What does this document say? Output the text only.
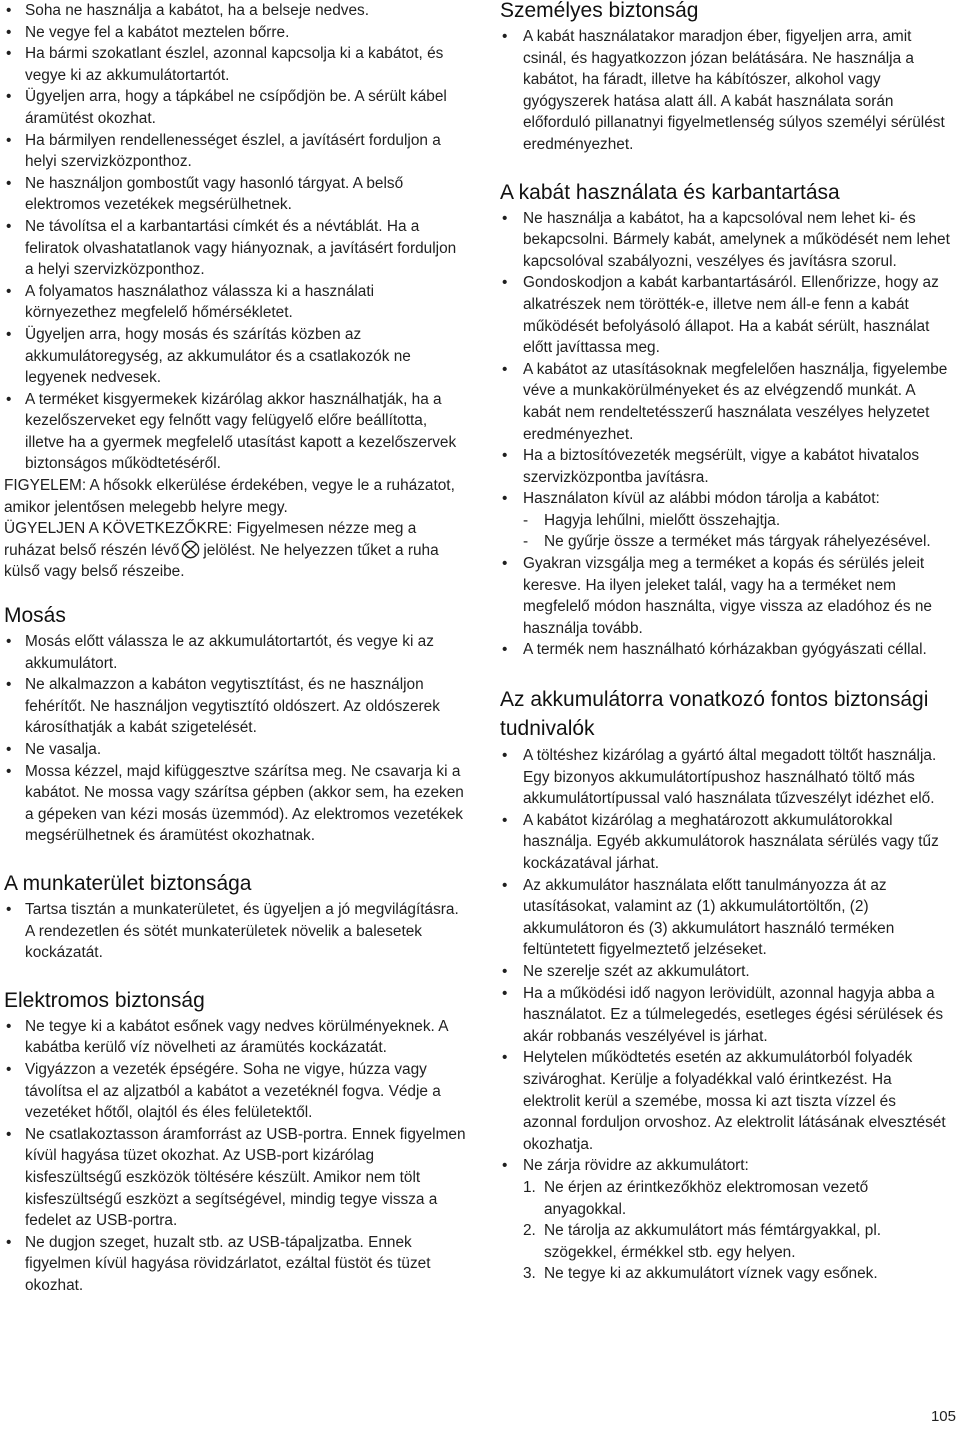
• Soha ne használja a kabátot, ha a belseje nedves.
• Ne vegye fel a kabátot meztelen bőrre.
• Ha bármi szokatlant észlel, azonnal kapcsolja ki a kabátot, és vegye ki az akkumulátortartót.
• Ügyeljen arra, hogy a tápkábel ne csípődjön be. A sérült kábel áramütést okozhat.
• Ha bármilyen rendellenességet észlel, a javításért forduljon a helyi szervizközponthoz.
• Ne használjon gombostűt vagy hasonló tárgyat. A belső elektromos vezetékek megsérülhetnek.
• Ne távolítsa el a karbantartási címkét és a névtáblát. Ha a feliratok olvashatatlanok vagy hiányoznak, a javításért forduljon a helyi szervizközponthoz.
• A folyamatos használathoz válassza ki a használati környezethez megfelelő hőmérsékletet.
• Ügyeljen arra, hogy mosás és szárítás közben az akkumulátoregység, az akkumulátor és a csatlakozók ne legyenek nedvesek.
• A terméket kisgyermekek kizárólag akkor használhatják, ha a kezelőszerveket egy felnőtt vagy felügyelő előre beállította, illetve ha a gyermek megfelelő utasítást kapott a kezelőszervek biztonságos működtetéséről.

FIGYELEM: A hősokk elkerülése érdekében, vegye le a ruházatot, amikor jelentősen melegebb helyre megy.

ÜGYELJEN A KÖVETKEZŐKRE: Figyelmesen nézze meg a ruházat belső részén lévő jelölést. Ne helyezzen tűket a ruha külső vagy belső részeibe.

Mosás
• Mosás előtt válassza le az akkumulátortartót, és vegye ki az akkumulátort.
• Ne alkalmazzon a kabáton vegytisztítást, és ne használjon fehérítőt. Ne használjon vegytisztító oldószert. Az oldószerek károsíthatják a kabát szigetelését.
• Ne vasalja.
• Mossa kézzel, majd kifüggesztve szárítsa meg. Ne csavarja ki a kabátot. Ne mossa vagy szárítsa gépben (akkor sem, ha ezeken a gépeken van kézi mosás üzemmód). Az elektromos vezetékek megsérülhetnek és áramütést okozhatnak.
A munkaterület biztonsága
• Tartsa tisztán a munkaterületet, és ügyeljen a jó megvilágításra. A rendezetlen és sötét munkaterületek növelik a balesetek kockázatát.
Elektromos biztonság
• Ne tegye ki a kabátot esőnek vagy nedves körülményeknek. A kabátba kerülő víz növelheti az áramütés kockázatát.
• Vigyázzon a vezeték épségére. Soha ne vigye, húzza vagy távolítsa el az aljzatból a kabátot a vezetéknél fogva. Védje a vezetéket hőtől, olajtól és éles felületektől.
• Ne csatlakoztasson áramforrást az USB-portra. Ennek figyelmen kívül hagyása tüzet okozhat. Az USB-port kizárólag kisfeszültségű eszközök töltésére készült. Amikor nem tölt kisfeszültségű eszközt a segítségével, mindig tegye vissza a fedelet az USB-portra.
• Ne dugjon szeget, huzalt stb. az USB-tápaljzatba. Ennek figyelmen kívül hagyása rövidzárlatot, ezáltal füstöt és tüzet okozhat.
Személyes biztonság
• A kabát használatakor maradjon éber, figyeljen arra, amit csinál, és hagyatkozzon józan belátására. Ne használja a kabátot, ha fáradt, illetve ha kábítószer, alkohol vagy gyógyszerek hatása alatt áll. A kabát használata során előforduló pillanatnyi figyelmetlenség súlyos személyi sérülést eredményezhet.
A kabát használata és karbantartása
• Ne használja a kabátot, ha a kapcsolóval nem lehet ki- és bekapcsolni. Bármely kabát, amelynek a működését nem lehet kapcsolóval szabályozni, veszélyes és javításra szorul.
• Gondoskodjon a kabát karbantartásáról. Ellenőrizze, hogy az alkatrészek nem törötték-e, illetve nem áll-e fenn a kabát működését befolyásoló állapot. Ha a kabát sérült, használat előtt javíttassa meg.
• A kabátot az utasításoknak megfelelően használja, figyelembe véve a munkakörülményeket és az elvégzendő munkát. A kabát nem rendeltetésszerű használata veszélyes helyzetet eredményezhet.
• Ha a biztosítóvezeték megsérült, vigye a kabátot hivatalos szervizközpontba javításra.
• Használaton kívül az alábbi módon tárolja a kabátot:
- Hagyja lehűlni, mielőtt összehajtja.
- Ne gyűrje össze a terméket más tárgyak ráhelyezésével.
• Gyakran vizsgálja meg a terméket a kopás és sérülés jeleit keresve. Ha ilyen jeleket talál, vagy ha a terméket nem megfelelő módon használta, vigye vissza az eladóhoz és ne használja tovább.
• A termék nem használható kórházakban gyógyászati céllal.
Az akkumulátorra vonatkozó fontos biztonsági tudnivalók
• A töltéshez kizárólag a gyártó által megadott töltőt használja. Egy bizonyos akkumulátortípushoz használható töltő más akkumulátortípussal való használata tűzveszélyt idézhet elő.
• A kabátot kizárólag a meghatározott akkumulátorokkal használja. Egyéb akkumulátorok használata sérülés vagy tűz kockázatával járhat.
• Az akkumulátor használata előtt tanulmányozza át az utasításokat, valamint az (1) akkumulátortöltőn, (2) akkumulátoron és (3) akkumulátort használó terméken feltüntetett figyelmeztető jelzéseket.
• Ne szerelje szét az akkumulátort.
• Ha a működési idő nagyon lerövidült, azonnal hagyja abba a használatot. Ez a túlmelegedés, esetleges égési sérülések és akár robbanás veszélyével is járhat.
• Helytelen működtetés esetén az akkumulátorból folyadék szivároghat. Kerülje a folyadékkal való érintkezést. Ha elektrolit kerül a szemébe, mossa ki azt tiszta vízzel és azonnal forduljon orvoshoz. Az elektrolit látásának elvesztését okozhatja.
• Ne zárja rövidre az akkumulátort:
1. Ne érjen az érintkezőkhöz elektromosan vezető anyagokkal.
2. Ne tárolja az akkumulátort más fémtárgyakkal, pl. szögekkel, érmékkel stb. egy helyen.
3. Ne tegye ki az akkumulátort víznek vagy esőnek.
105
